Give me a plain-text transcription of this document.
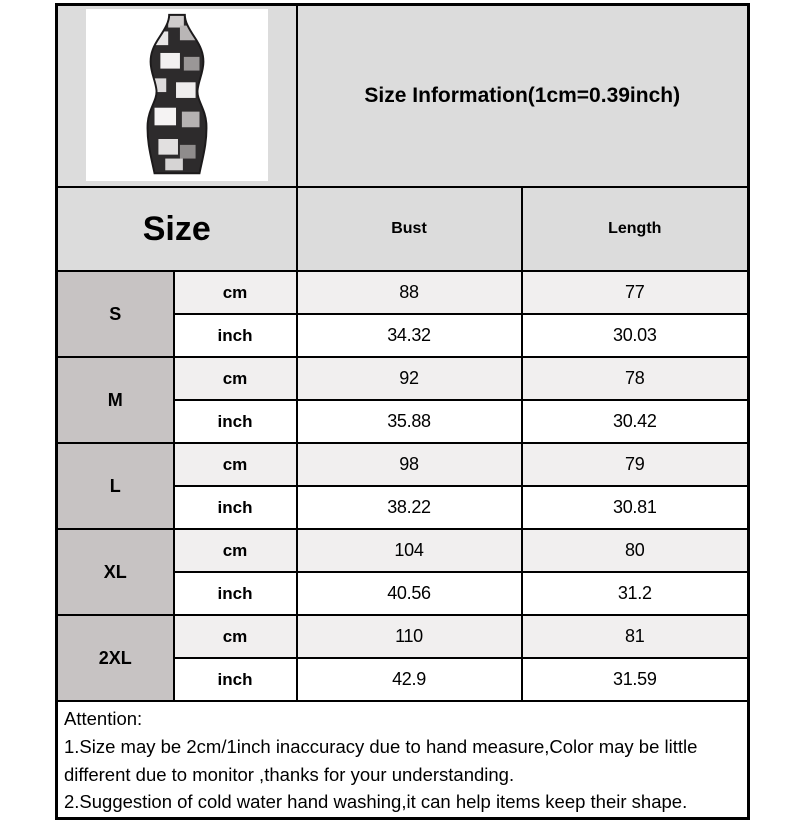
	Size Information(1cm=0.39inch)	
Size		Bust	Length
S	cm	88	77
	inch	34.32	30.03
M	cm	92	78
	inch	35.88	30.42
L	cm	98	79
	inch	38.22	30.81
XL	cm	104	80
	inch	40.56	31.2
2XL	cm	110	81
	inch	42.9	31.59

Attention:
1.Size may be 2cm/1inch inaccuracy due to hand measure,Color may be little different due to monitor ,thanks for your understanding.
2.Suggestion of cold water hand washing,it can help items keep their shape.			
